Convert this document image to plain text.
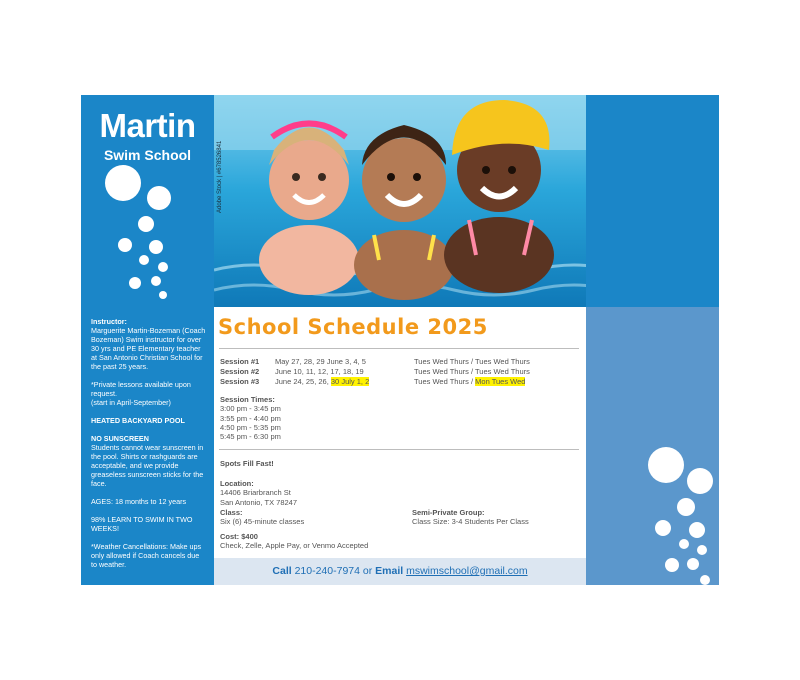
Martin
Swim School	Adobe Stock | #678526841

Instructor:
Marguerite Martin-Bozeman (Coach Bozeman) Swim instructor for over 30 yrs and PE Elementary teacher at San Antonio Christian School for the past 25 years.

*Private lessons available upon request.
(start in April-September)

HEATED BACKYARD POOL

NO SUNSCREEN
Students cannot wear sunscreen in the pool. Shirts or rashguards are acceptable, and we provide greaseless sunscreen sticks for the face.

AGES: 18 months to 12 years

98% LEARN TO SWIM IN TWO WEEKS!

*Weather Cancellations: Make ups only allowed if Coach cancels due to weather.

School Schedule 2025
Session #1 May 27, 28, 29 June 3, 4, 5	Tues Wed Thurs / Tues Wed Thurs
Session #2 June 10, 11, 12, 17, 18, 19	Tues Wed Thurs / Tues Wed Thurs
Session #3 June 24, 25, 26, 30 July 1, 2	Tues Wed Thurs / Mon Tues Wed
Session Times:
3:00 pm - 3:45 pm
3:55 pm - 4:40 pm
4:50 pm - 5:35 pm
5:45 pm - 6:30 pm
Spots Fill Fast!
Location:
14406 Briarbranch St
San Antonio, TX 78247
Class:
Six (6) 45-minute classes
Semi-Private Group:
Class Size: 3-4 Students Per Class
Cost: $400
Check, Zelle, Apple Pay, or Venmo Accepted
Call 210-240-7974 or Email mswimschool@gmail.com
